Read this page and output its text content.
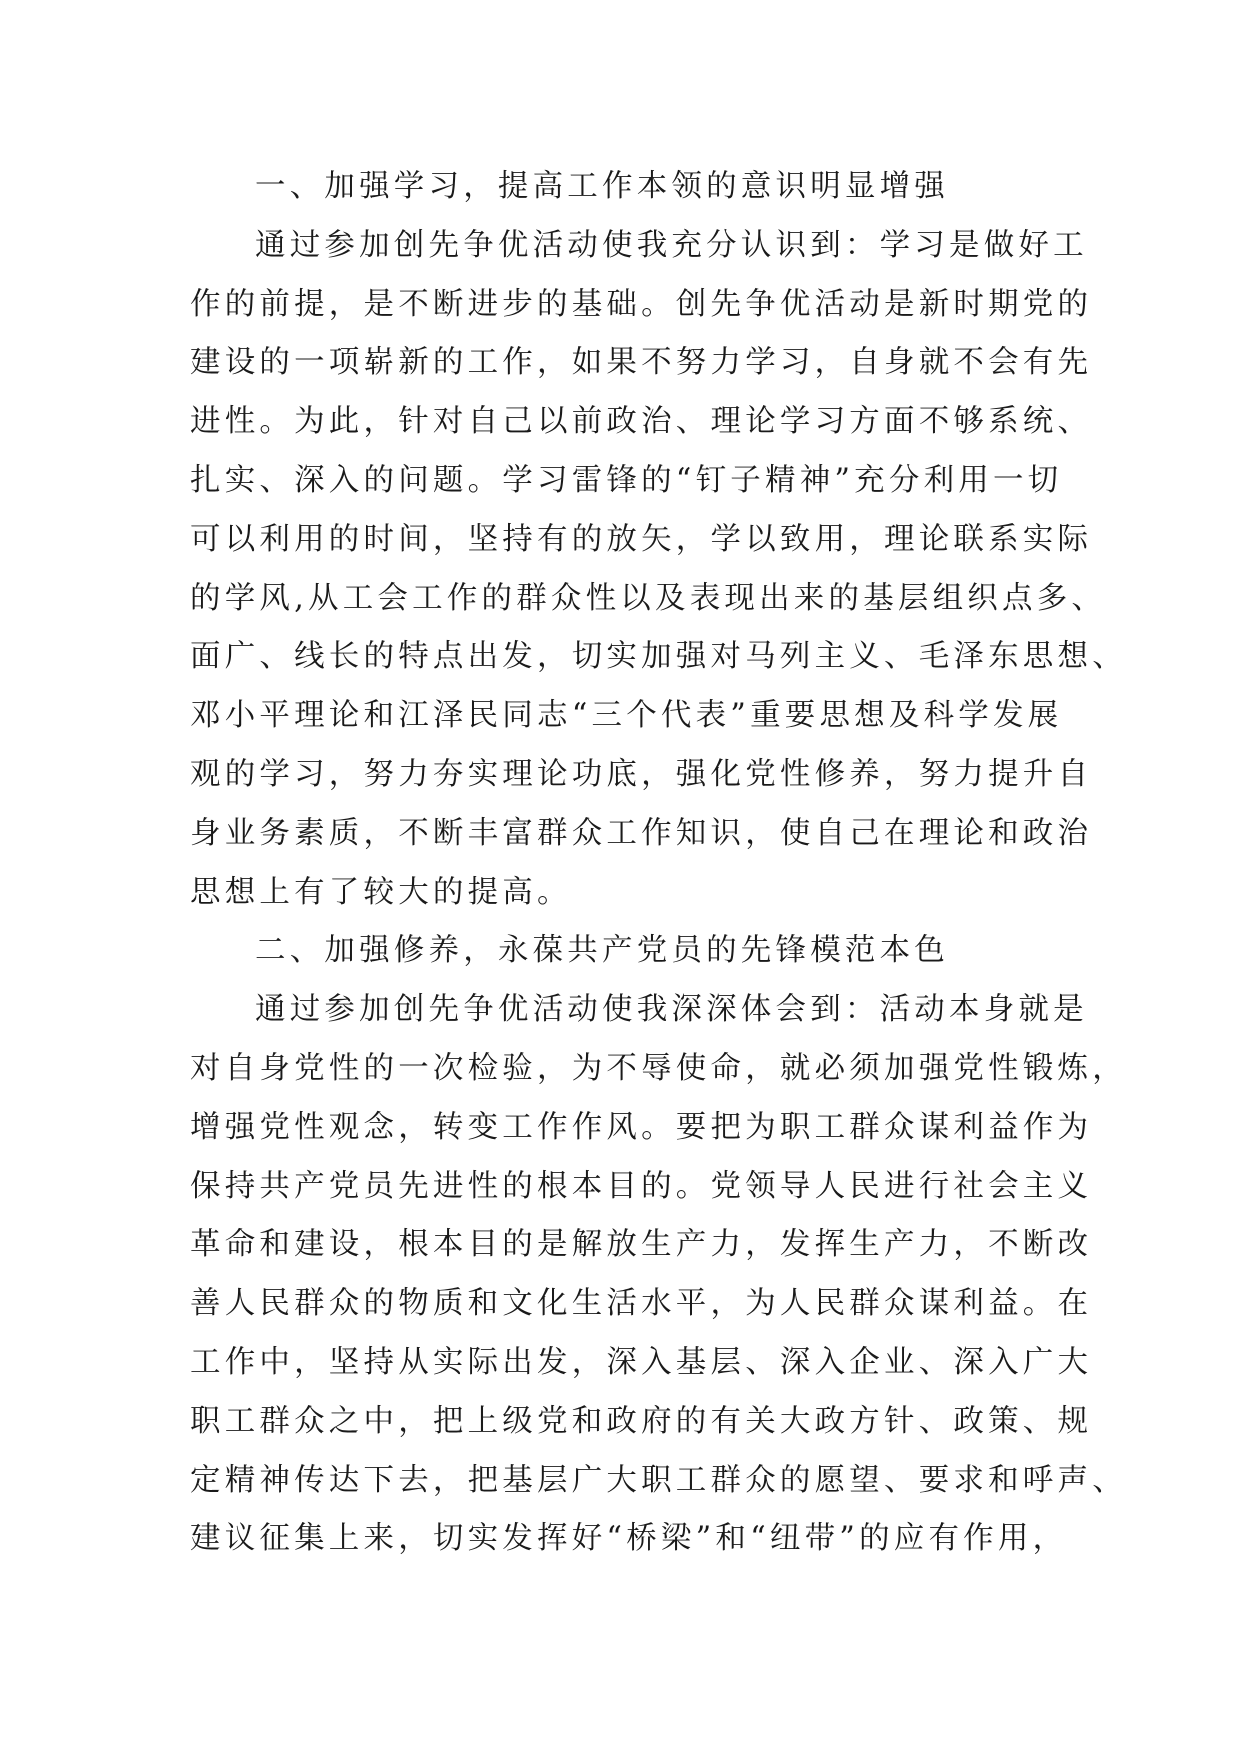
一、加强学习，提高工作本领的意识明显增强
通过参加创先争优活动使我充分认识到：学习是做好工
作的前提，是不断进步的基础。创先争优活动是新时期党的
建设的一项崭新的工作，如果不努力学习，自身就不会有先
进性。为此，针对自己以前政治、理论学习方面不够系统、
扎实、深入的问题。学习雷锋的“钉子精神”充分利用一切
可以利用的时间，坚持有的放矢，学以致用，理论联系实际
的学风,从工会工作的群众性以及表现出来的基层组织点多、
面广、线长的特点出发，切实加强对马列主义、毛泽东思想、
邓小平理论和江泽民同志“三个代表”重要思想及科学发展
观的学习，努力夯实理论功底，强化党性修养，努力提升自
身业务素质，不断丰富群众工作知识，使自己在理论和政治
思想上有了较大的提高。
二、加强修养，永葆共产党员的先锋模范本色
通过参加创先争优活动使我深深体会到：活动本身就是
对自身党性的一次检验，为不辱使命，就必须加强党性锻炼，
增强党性观念，转变工作作风。要把为职工群众谋利益作为
保持共产党员先进性的根本目的。党领导人民进行社会主义
革命和建设，根本目的是解放生产力，发挥生产力，不断改
善人民群众的物质和文化生活水平，为人民群众谋利益。在
工作中，坚持从实际出发，深入基层、深入企业、深入广大
职工群众之中，把上级党和政府的有关大政方针、政策、规
定精神传达下去，把基层广大职工群众的愿望、要求和呼声、
建议征集上来，切实发挥好“桥梁”和“纽带”的应有作用，
